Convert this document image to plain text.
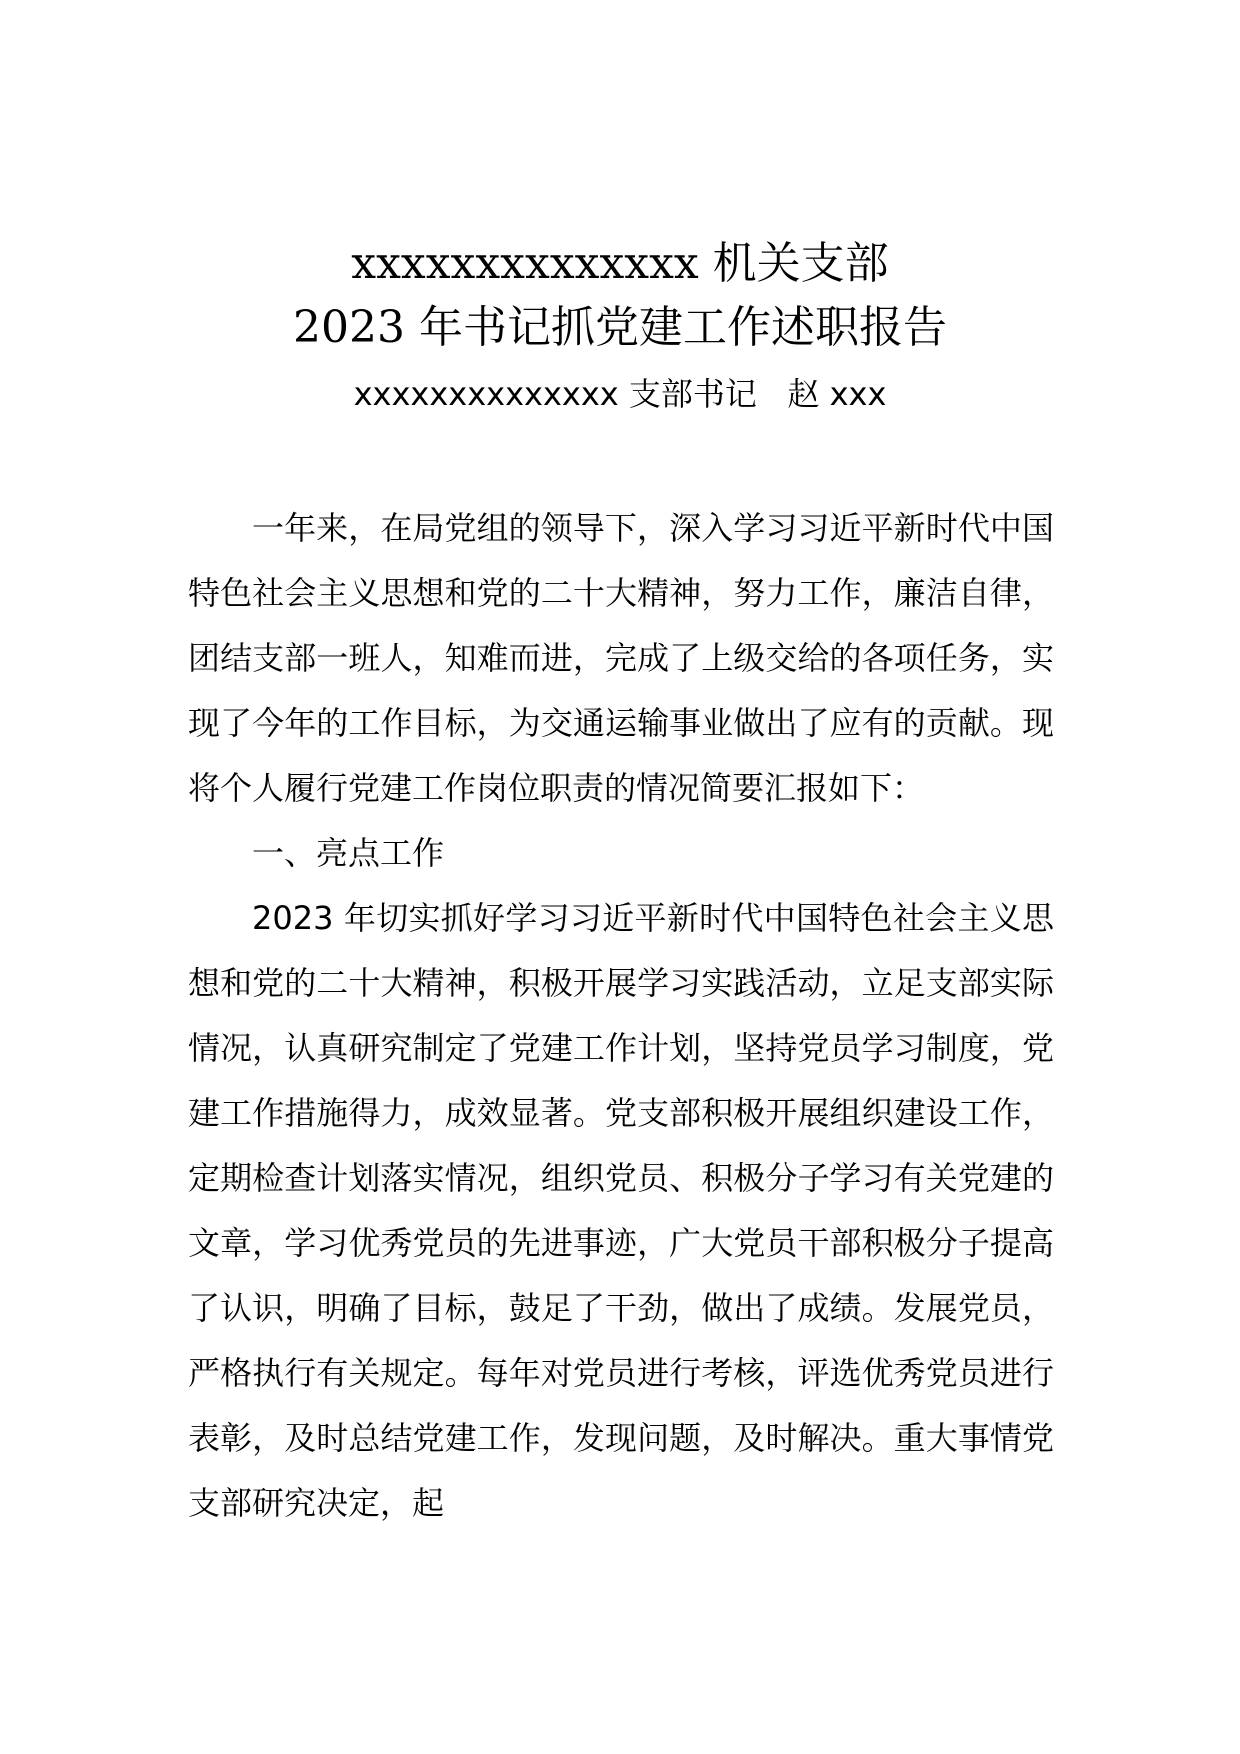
xxxxxxxxxxxxxx 机关支部
2023 年书记抓党建工作述职报告
xxxxxxxxxxxxxx 支部书记   赵 xxx

一年来，在局党组的领导下，深入学习习近平新时代中国特色社会主义思想和党的二十大精神，努力工作，廉洁自律，团结支部一班人，知难而进，完成了上级交给的各项任务，实现了今年的工作目标，为交通运输事业做出了应有的贡献。现将个人履行党建工作岗位职责的情况简要汇报如下：

一、亮点工作

2023 年切实抓好学习习近平新时代中国特色社会主义思想和党的二十大精神，积极开展学习实践活动，立足支部实际情况，认真研究制定了党建工作计划，坚持党员学习制度，党建工作措施得力，成效显著。党支部积极开展组织建设工作，定期检查计划落实情况，组织党员、积极分子学习有关党建的文章，学习优秀党员的先进事迹，广大党员干部积极分子提高了认识，明确了目标，鼓足了干劲，做出了成绩。发展党员，严格执行有关规定。每年对党员进行考核，评选优秀党员进行表彰，及时总结党建工作，发现问题，及时解决。重大事情党支部研究决定，起
